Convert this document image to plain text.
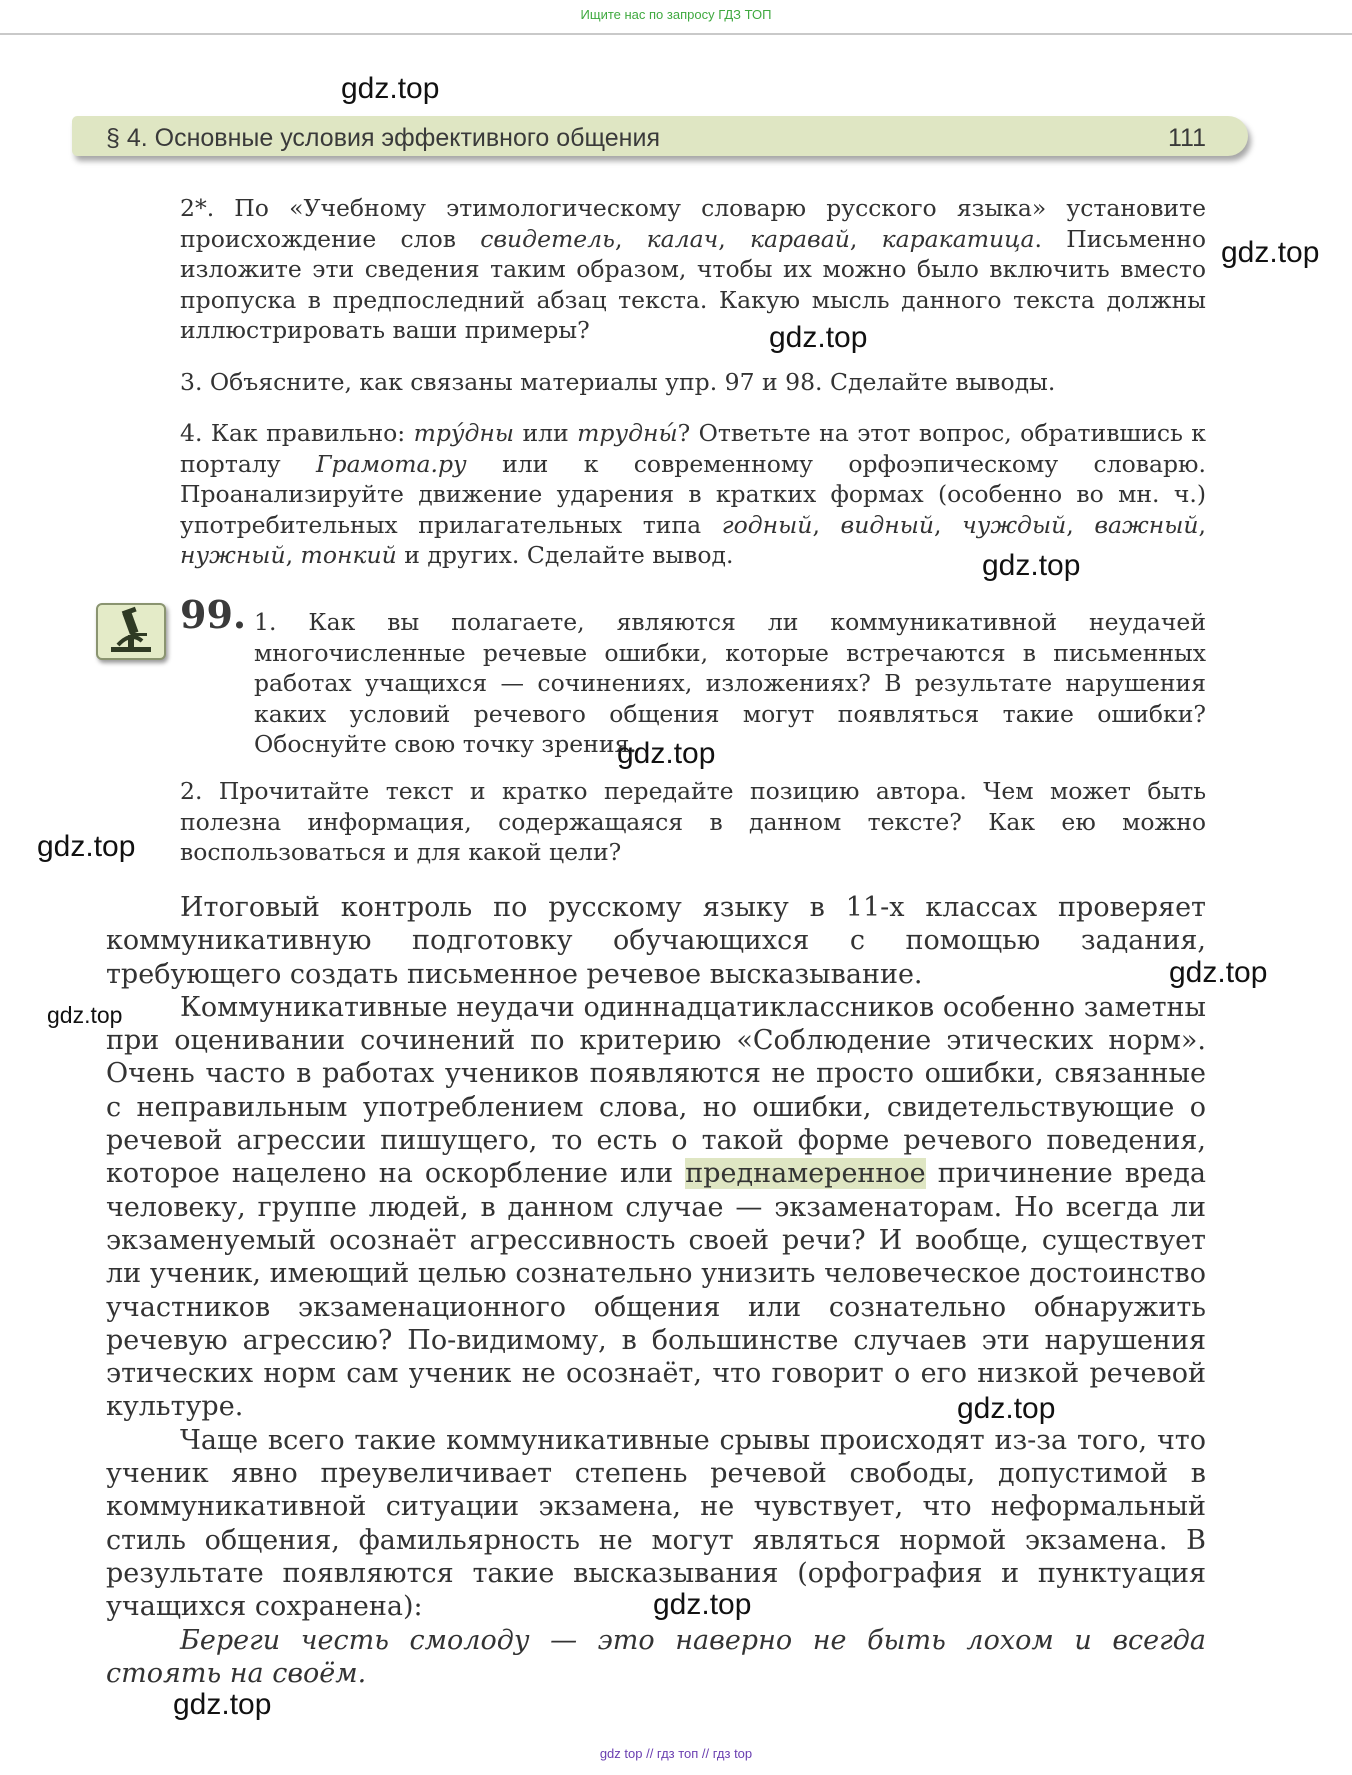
Ищите нас по запросу ГДЗ ТОП
gdz.top
§ 4. Основные условия эффективного общения	111
2*. По «Учебному этимологическому словарю русского языка» установите происхождение слов свидетель, калач, каравай, каракатица. Письменно изложите эти сведения таким образом, чтобы их можно было включить вместо пропуска в предпоследний абзац текста. Какую мысль данного текста должны иллюстрировать ваши примеры?
gdz.top
gdz.top
3. Объясните, как связаны материалы упр. 97 и 98. Сделайте выводы.
4. Как правильно: тру́дны или трудны́? Ответьте на этот вопрос, обратившись к порталу Грамота.ру или к современному орфоэпическому словарю. Проанализируйте движение ударения в кратких формах (особенно во мн. ч.) употребительных прилагательных типа годный, видный, чуждый, важный, нужный, тонкий и других. Сделайте вывод.	gdz.top
99. 1. Как вы полагаете, являются ли коммуникативной неудачей многочисленные речевые ошибки, которые встречаются в письменных работах учащихся — сочинениях, изложениях? В результате нарушения каких условий речевого общения могут появляться такие ошибки? Обоснуйте свою точку зрения.
gdz.top
2. Прочитайте текст и кратко передайте позицию автора. Чем может быть полезна информация, содержащаяся в данном тексте? Как ею можно воспользоваться и для какой цели?
gdz.top

Итоговый контроль по русскому языку в 11-х классах проверяет коммуникативную подготовку обучающихся с помощью задания, требующего создать письменное речевое высказывание.

Коммуникативные неудачи одиннадцатиклассников особенно заметны при оценивании сочинений по критерию «Соблюдение этических норм». Очень часто в работах учеников появляются не просто ошибки, связанные с неправильным употреблением слова, но ошибки, свидетельствующие о речевой агрессии пишущего, то есть о такой форме речевого поведения, которое нацелено на оскорбление или преднамеренное причинение вреда человеку, группе людей, в данном случае — экзаменаторам. Но всегда ли экзаменуемый осознаёт агрессивность своей речи? И вообще, существует ли ученик, имеющий целью сознательно унизить человеческое достоинство участников экзаменационного общения или сознательно обнаружить речевую агрессию? По-видимому, в большинстве случаев эти нарушения этических норм сам ученик не осознаёт, что говорит о его низкой речевой культуре.

Чаще всего такие коммуникативные срывы происходят из-за того, что ученик явно преувеличивает степень речевой свободы, допустимой в коммуникативной ситуации экзамена, не чувствует, что неформальный стиль общения, фамильярность не могут являться нормой экзамена. В результате появляются такие высказывания (орфография и пунктуация учащихся сохранена):

Береги честь смолоду — это наверно не быть лохом и всегда стоять на своём.

gdz.top
gdz.top
gdz.top
gdz.top
gdz.top
gdz top // гдз топ // гдз top
